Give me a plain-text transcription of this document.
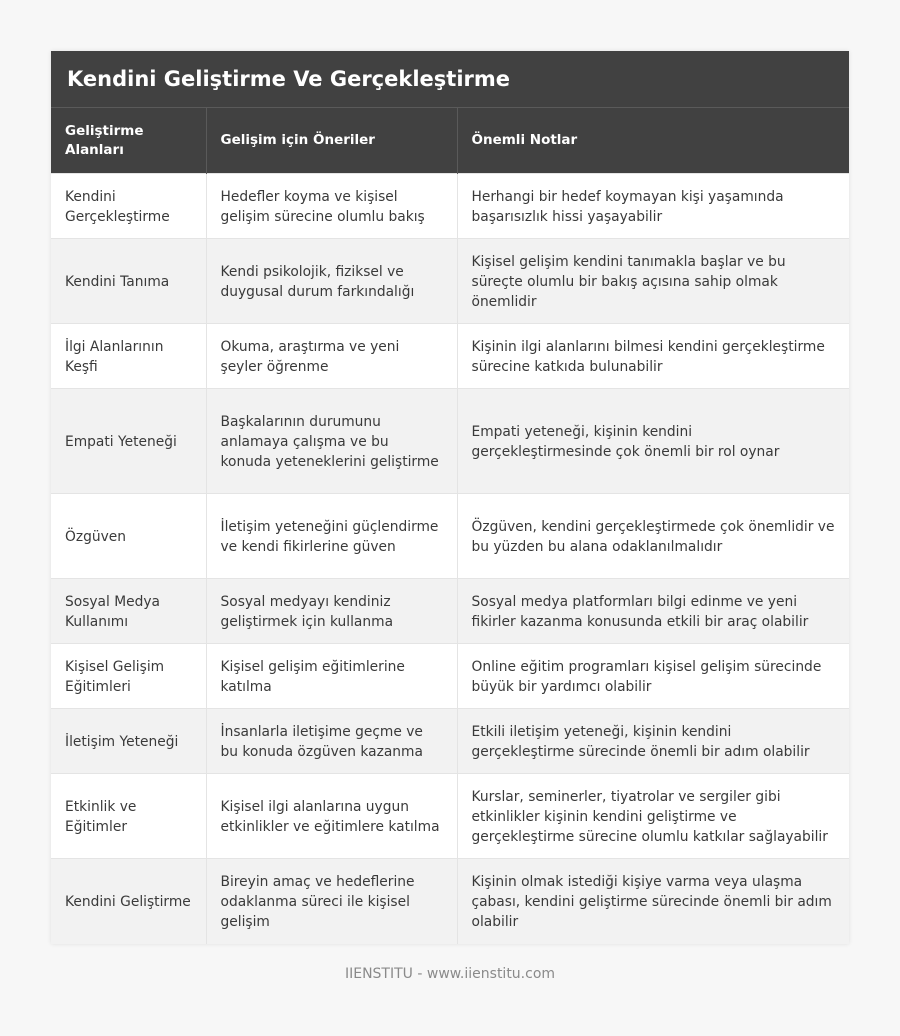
Kendini Geliştirme Ve Gerçekleştirme
Geliştirme Alanları	Gelişim için Öneriler	Önemli Notlar
Kendini Gerçekleştirme	Hedefler koyma ve kişisel gelişim sürecine olumlu bakış	Herhangi bir hedef koymayan kişi yaşamında başarısızlık hissi yaşayabilir
Kendini Tanıma	Kendi psikolojik, fiziksel ve duygusal durum farkındalığı	Kişisel gelişim kendini tanımakla başlar ve bu süreçte olumlu bir bakış açısına sahip olmak önemlidir
İlgi Alanlarının Keşfi	Okuma, araştırma ve yeni şeyler öğrenme	Kişinin ilgi alanlarını bilmesi kendini gerçekleştirme sürecine katkıda bulunabilir
Empati Yeteneği	Başkalarının durumunu anlamaya çalışma ve bu konuda yeteneklerini geliştirme	Empati yeteneği, kişinin kendini gerçekleştirmesinde çok önemli bir rol oynar
Özgüven	İletişim yeteneğini güçlendirme ve kendi fikirlerine güven	Özgüven, kendini gerçekleştirmede çok önemlidir ve bu yüzden bu alana odaklanılmalıdır
Sosyal Medya Kullanımı	Sosyal medyayı kendiniz geliştirmek için kullanma	Sosyal medya platformları bilgi edinme ve yeni fikirler kazanma konusunda etkili bir araç olabilir
Kişisel Gelişim Eğitimleri	Kişisel gelişim eğitimlerine katılma	Online eğitim programları kişisel gelişim sürecinde büyük bir yardımcı olabilir
İletişim Yeteneği	İnsanlarla iletişime geçme ve bu konuda özgüven kazanma	Etkili iletişim yeteneği, kişinin kendini gerçekleştirme sürecinde önemli bir adım olabilir
Etkinlik ve Eğitimler	Kişisel ilgi alanlarına uygun etkinlikler ve eğitimlere katılma	Kurslar, seminerler, tiyatrolar ve sergiler gibi etkinlikler kişinin kendini geliştirme ve gerçekleştirme sürecine olumlu katkılar sağlayabilir
Kendini Geliştirme	Bireyin amaç ve hedeflerine odaklanma süreci ile kişisel gelişim	Kişinin olmak istediği kişiye varma veya ulaşma çabası, kendini geliştirme sürecinde önemli bir adım olabilir
IIENSTITU - www.iienstitu.com
